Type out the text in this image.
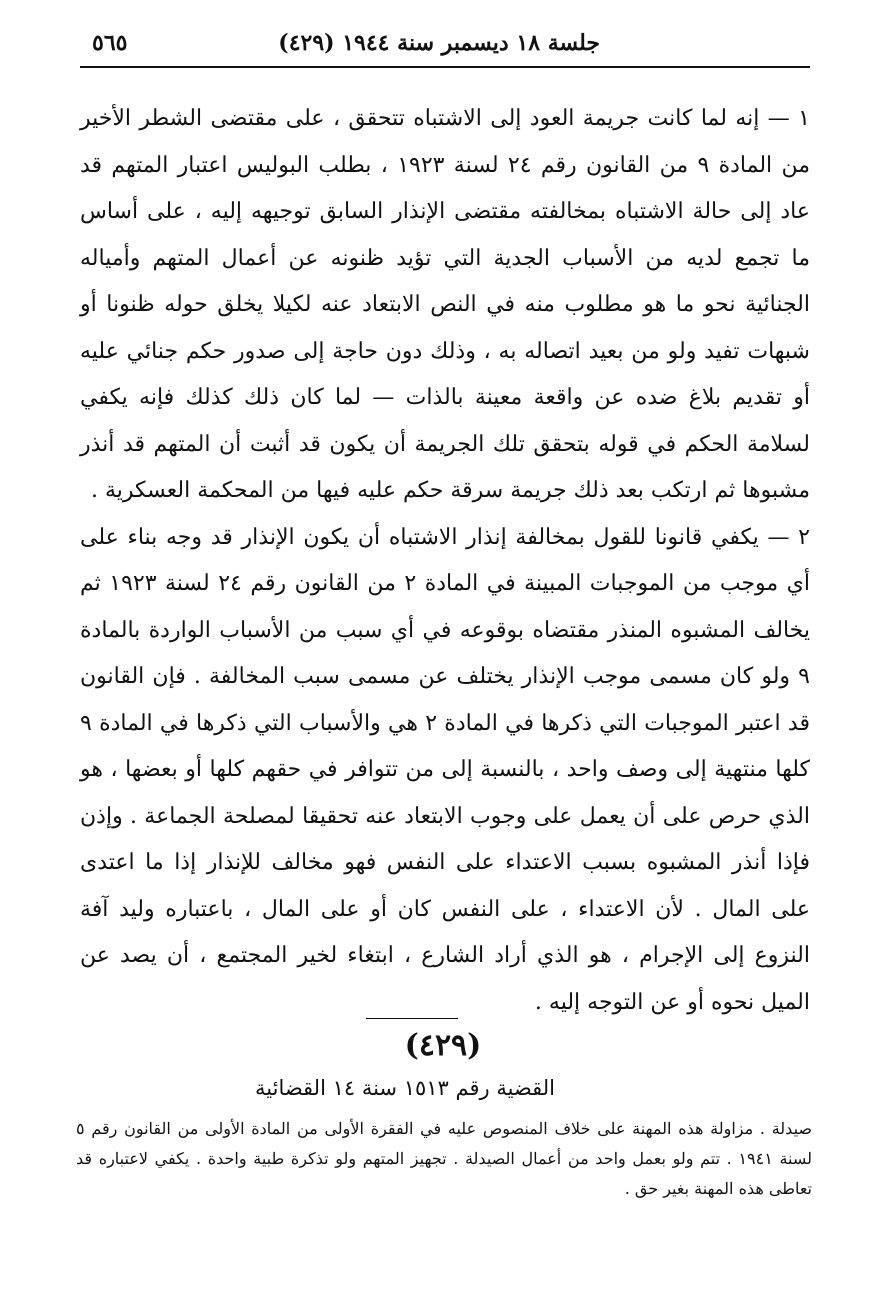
٥٦٥	جلسة ١٨ ديسمبر سنة ١٩٤٤ (٤٢٩)

١ — إنه لما كانت جريمة العود إلى الاشتباه تتحقق ، على مقتضى الشطر الأخير من المادة ٩ من القانون رقم ٢٤ لسنة ١٩٢٣ ، بطلب البوليس اعتبار المتهم قد عاد إلى حالة الاشتباه بمخالفته مقتضى الإنذار السابق توجيهه إليه ، على أساس ما تجمع لديه من الأسباب الجدية التي تؤيد ظنونه عن أعمال المتهم وأمياله الجنائية نحو ما هو مطلوب منه في النص الابتعاد عنه لكيلا يخلق حوله ظنونا أو شبهات تفيد ولو من بعيد اتصاله به ، وذلك دون حاجة إلى صدور حكم جنائي عليه أو تقديم بلاغ ضده عن واقعة معينة بالذات — لما كان ذلك كذلك فإنه يكفي لسلامة الحكم في قوله بتحقق تلك الجريمة أن يكون قد أثبت أن المتهم قد أنذر مشبوها ثم ارتكب بعد ذلك جريمة سرقة حكم عليه فيها من المحكمة العسكرية .

٢ — يكفي قانونا للقول بمخالفة إنذار الاشتباه أن يكون الإنذار قد وجه بناء على أي موجب من الموجبات المبينة في المادة ٢ من القانون رقم ٢٤ لسنة ١٩٢٣ ثم يخالف المشبوه المنذر مقتضاه بوقوعه في أي سبب من الأسباب الواردة بالمادة ٩ ولو كان مسمى موجب الإنذار يختلف عن مسمى سبب المخالفة . فإن القانون قد اعتبر الموجبات التي ذكرها في المادة ٢ هي والأسباب التي ذكرها في المادة ٩ كلها منتهية إلى وصف واحد ، بالنسبة إلى من تتوافر في حقهم كلها أو بعضها ، هو الذي حرص على أن يعمل على وجوب الابتعاد عنه تحقيقا لمصلحة الجماعة . وإذن فإذا أنذر المشبوه بسبب الاعتداء على النفس فهو مخالف للإنذار إذا ما اعتدى على المال . لأن الاعتداء ، على النفس كان أو على المال ، باعتباره وليد آفة النزوع إلى الإجرام ، هو الذي أراد الشارع ، ابتغاء لخير المجتمع ، أن يصد عن الميل نحوه أو عن التوجه إليه .

(٤٢٩)
القضية رقم ١٥١٣ سنة ١٤ القضائية
صيدلة . مزاولة هذه المهنة على خلاف المنصوص عليه في الفقرة الأولى من المادة الأولى من القانون رقم ٥ لسنة ١٩٤١ . تتم ولو بعمل واحد من أعمال الصيدلة . تجهيز المتهم ولو تذكرة طبية واحدة . يكفي لاعتباره قد تعاطى هذه المهنة بغير حق .
